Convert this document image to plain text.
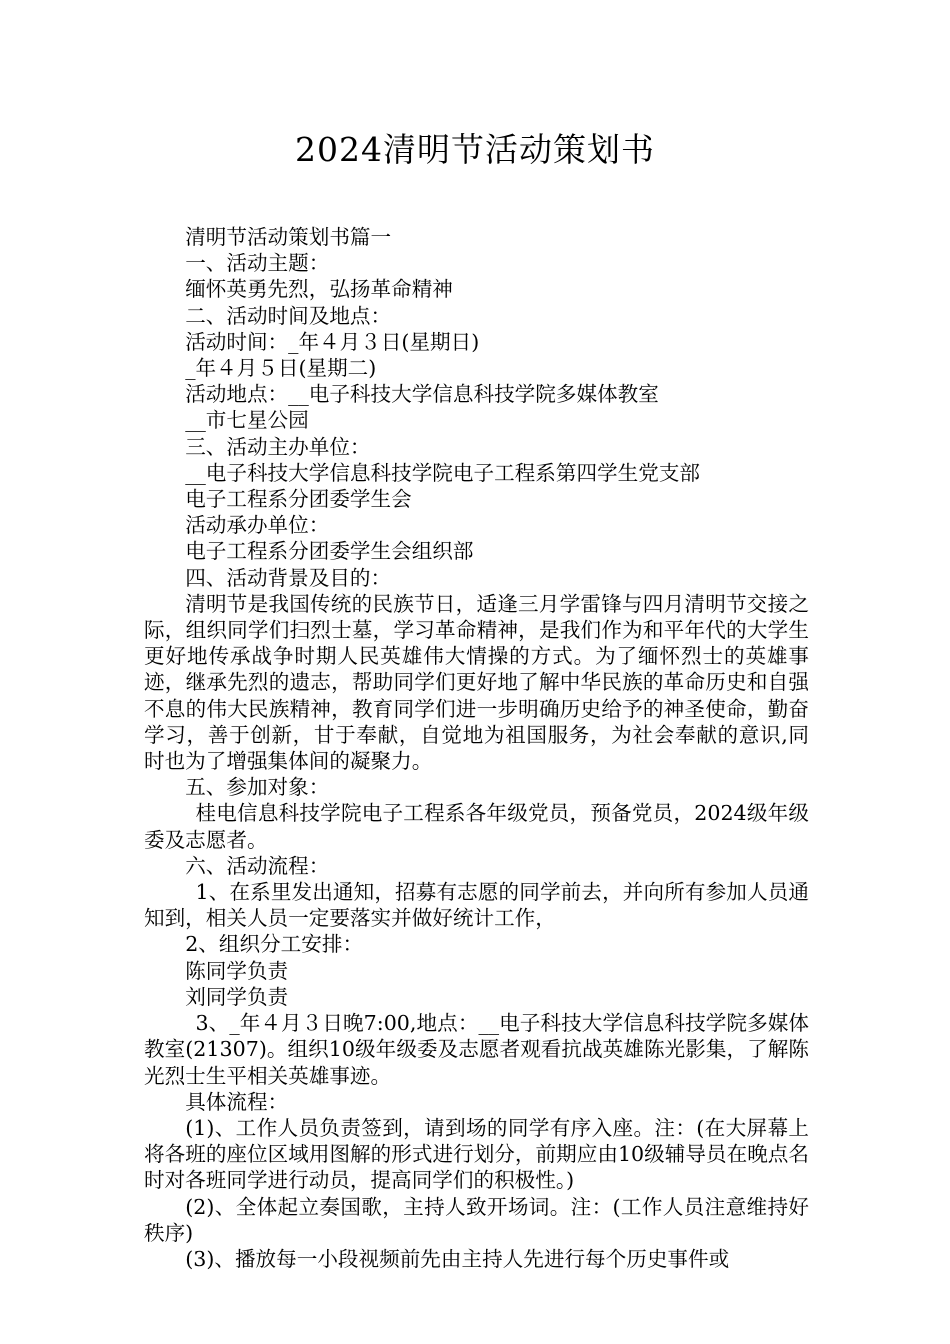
2024清明节活动策划书

清明节活动策划书篇一

一、活动主题：

缅怀英勇先烈，弘扬革命精神

二、活动时间及地点：

活动时间：_年４月３日(星期日)

_年４月５日(星期二)

活动地点：__电子科技大学信息科技学院多媒体教室

__市七星公园

三、活动主办单位：

__电子科技大学信息科技学院电子工程系第四学生党支部

电子工程系分团委学生会

活动承办单位：

电子工程系分团委学生会组织部

四、活动背景及目的：

清明节是我国传统的民族节日，适逢三月学雷锋与四月清明节交接之际，组织同学们扫烈士墓，学习革命精神，是我们作为和平年代的大学生更好地传承战争时期人民英雄伟大情操的方式。为了缅怀烈士的英雄事迹，继承先烈的遗志，帮助同学们更好地了解中华民族的革命历史和自强不息的伟大民族精神，教育同学们进一步明确历史给予的神圣使命，勤奋学习，善于创新，甘于奉献，自觉地为祖国服务，为社会奉献的意识,同时也为了增强集体间的凝聚力。

五、参加对象：

桂电信息科技学院电子工程系各年级党员，预备党员，2024级年级委及志愿者。

六、活动流程：

1、在系里发出通知，招募有志愿的同学前去，并向所有参加人员通知到，相关人员一定要落实并做好统计工作，

2、组织分工安排：

陈同学负责

刘同学负责

3、_年４月３日晚7:00,地点：__电子科技大学信息科技学院多媒体教室(21307)。组织10级年级委及志愿者观看抗战英雄陈光影集，了解陈光烈士生平相关英雄事迹。

具体流程：

(1)、工作人员负责签到，请到场的同学有序入座。注：(在大屏幕上将各班的座位区域用图解的形式进行划分，前期应由10级辅导员在晚点名时对各班同学进行动员，提高同学们的积极性。)

(2)、全体起立奏国歌，主持人致开场词。注：(工作人员注意维持好秩序)

(3)、播放每一小段视频前先由主持人先进行每个历史事件或
